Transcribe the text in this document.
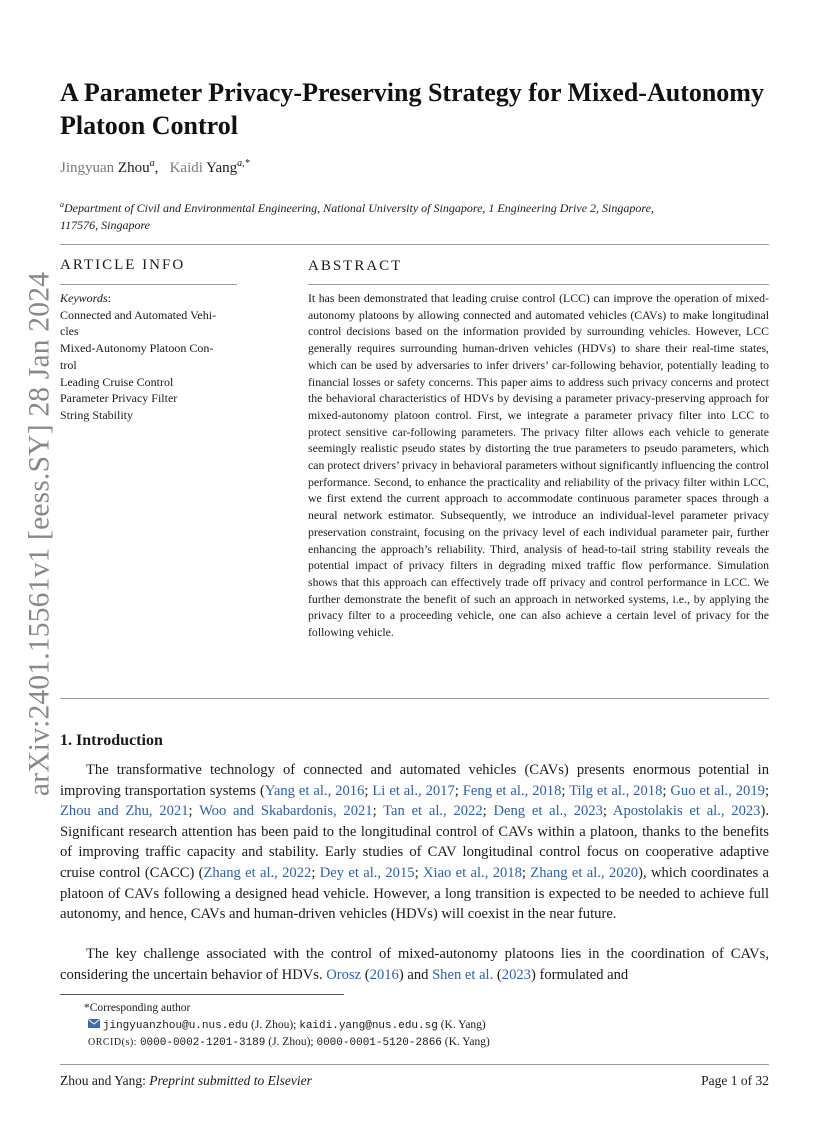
A Parameter Privacy-Preserving Strategy for Mixed-Autonomy Platoon Control
Jingyuan Zhou$^a$,   Kaidi Yang$^{a,*}$
$^a$Department of Civil and Environmental Engineering, National University of Singapore, 1 Engineering Drive 2, Singapore, 117576, Singapore
arXiv:2401.15561v1 [eess.SY] 28 Jan 2024
ARTICLE INFO
Keywords:
Connected and Automated Vehi-
cles
Mixed-Autonomy Platoon Con-
trol
Leading Cruise Control
Parameter Privacy Filter
String Stability
ABSTRACT
It has been demonstrated that leading cruise control (LCC) can improve the operation of mixed-autonomy platoons by allowing connected and automated vehicles (CAVs) to make longitudinal control decisions based on the information provided by surrounding vehicles. However, LCC generally requires surrounding human-driven vehicles (HDVs) to share their real-time states, which can be used by adversaries to infer drivers’ car-following behavior, potentially leading to financial losses or safety concerns. This paper aims to address such privacy concerns and protect the behavioral characteristics of HDVs by devising a parameter privacy-preserving approach for mixed-autonomy platoon control. First, we integrate a parameter privacy filter into LCC to protect sensitive car-following parameters. The privacy filter allows each vehicle to generate seemingly realistic pseudo states by distorting the true parameters to pseudo parameters, which can protect drivers’ privacy in behavioral parameters without significantly influencing the control performance. Second, to enhance the practicality and reliability of the privacy filter within LCC, we first extend the current approach to accommodate continuous parameter spaces through a neural network estimator. Subsequently, we introduce an individual-level parameter privacy preservation constraint, focusing on the privacy level of each individual parameter pair, further enhancing the approach’s reliability. Third, analysis of head-to-tail string stability reveals the potential impact of privacy filters in degrading mixed traffic flow performance. Simulation shows that this approach can effectively trade off privacy and control performance in LCC. We further demonstrate the benefit of such an approach in networked systems, i.e., by applying the privacy filter to a proceeding vehicle, one can also achieve a certain level of privacy for the following vehicle.
1. Introduction
The transformative technology of connected and automated vehicles (CAVs) presents enormous potential in improving transportation systems (Yang et al., 2016; Li et al., 2017; Feng et al., 2018; Tilg et al., 2018; Guo et al., 2019; Zhou and Zhu, 2021; Woo and Skabardonis, 2021; Tan et al., 2022; Deng et al., 2023; Apostolakis et al., 2023). Significant research attention has been paid to the longitudinal control of CAVs within a platoon, thanks to the benefits of improving traffic capacity and stability. Early studies of CAV longitudinal control focus on cooperative adaptive cruise control (CACC) (Zhang et al., 2022; Dey et al., 2015; Xiao et al., 2018; Zhang et al., 2020), which coordinates a platoon of CAVs following a designed head vehicle. However, a long transition is expected to be needed to achieve full autonomy, and hence, CAVs and human-driven vehicles (HDVs) will coexist in the near future.
The key challenge associated with the control of mixed-autonomy platoons lies in the coordination of CAVs, considering the uncertain behavior of HDVs. Orosz (2016) and Shen et al. (2023) formulated and
*Corresponding author
jingyuanzhou@u.nus.edu (J. Zhou); kaidi.yang@nus.edu.sg (K. Yang)
ORCID(s): 0000-0002-1201-3189 (J. Zhou); 0000-0001-5120-2866 (K. Yang)
Zhou and Yang: Preprint submitted to Elsevier	Page 1 of 32
